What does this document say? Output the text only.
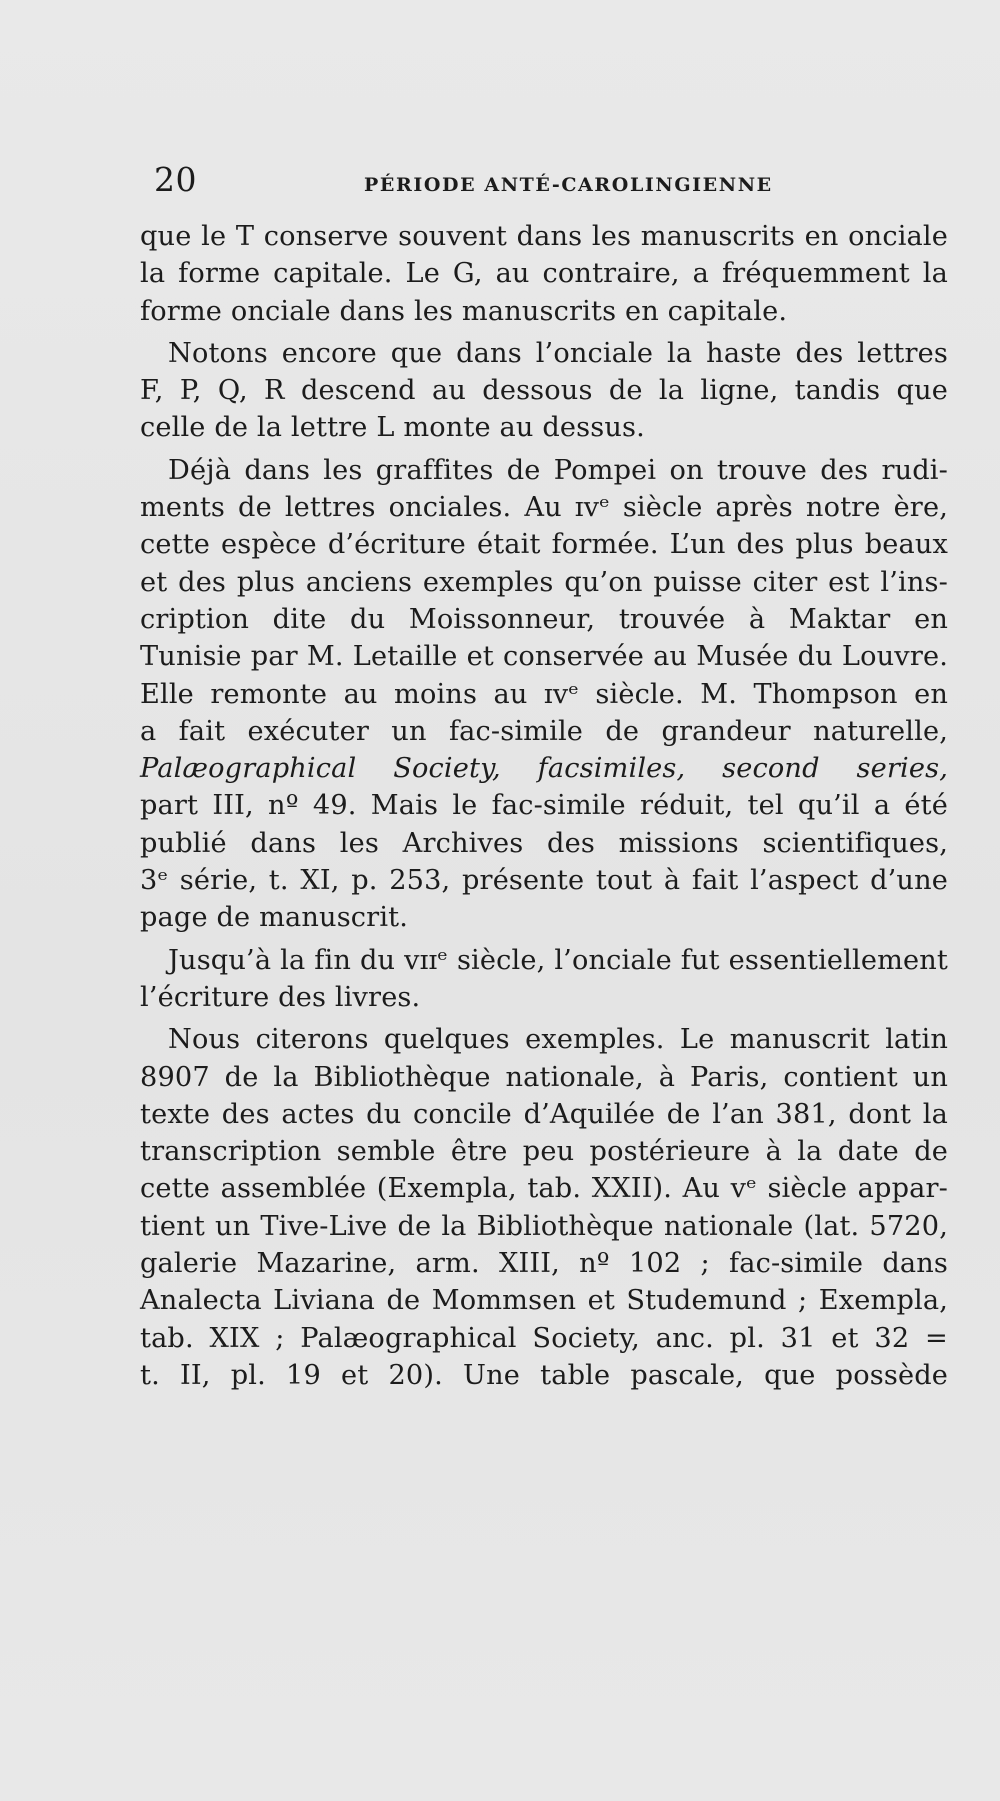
20	PÉRIODE ANTÉ-CAROLINGIENNE
que le T conserve souvent dans les manuscrits en onciale
la forme capitale. Le G, au contraire, a fréquemment la
forme onciale dans les manuscrits en capitale.
Notons encore que dans l’onciale la haste des lettres
F, P, Q, R descend au dessous de la ligne, tandis que
celle de la lettre L monte au dessus.
Déjà dans les graffites de Pompei on trouve des rudi-
ments de lettres onciales. Au ɪvᵉ siècle après notre ère,
cette espèce d’écriture était formée. L’un des plus beaux
et des plus anciens exemples qu’on puisse citer est l’ins-
cription dite du Moissonneur, trouvée à Maktar en
Tunisie par M. Letaille et conservée au Musée du Louvre.
Elle remonte au moins au ɪvᵉ siècle. M. Thompson en
a fait exécuter un fac-simile de grandeur naturelle,
Palæographical Society, facsimiles, second series,
part III, nº 49. Mais le fac-simile réduit, tel qu’il a été
publié dans les Archives des missions scientifiques,
3ᵉ série, t. XI, p. 253, présente tout à fait l’aspect d’une
page de manuscrit.
Jusqu’à la fin du ᴠɪɪᵉ siècle, l’onciale fut essentiellement
l’écriture des livres.
Nous citerons quelques exemples. Le manuscrit latin
8907 de la Bibliothèque nationale, à Paris, contient un
texte des actes du concile d’Aquilée de l’an 381, dont la
transcription semble être peu postérieure à la date de
cette assemblée (Exempla, tab. XXII). Au vᵉ siècle appar-
tient un Tive-Live de la Bibliothèque nationale (lat. 5720,
galerie Mazarine, arm. XIII, nº 102 ; fac-simile dans
Analecta Liviana de Mommsen et Studemund ; Exempla,
tab. XIX ; Palæographical Society, anc. pl. 31 et 32 =
t. II, pl. 19 et 20). Une table pascale, que possède
